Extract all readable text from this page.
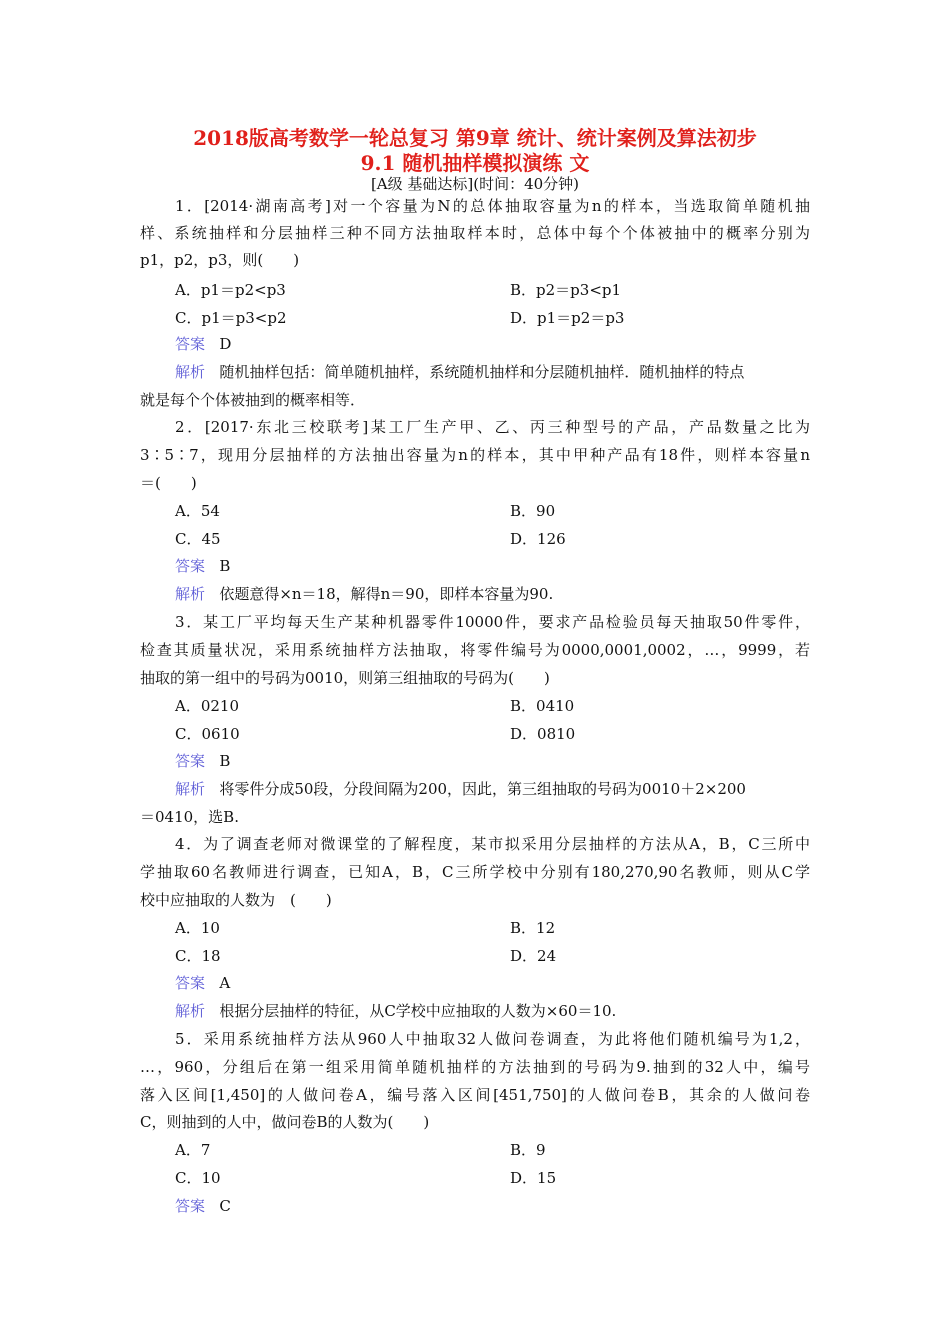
2018版高考数学一轮总复习 第9章 统计、统计案例及算法初步
9.1 随机抽样模拟演练 文
[A级 基础达标](时间：40分钟)
1．[2014·湖南高考]对一个容量为N的总体抽取容量为n的样本，当选取简单随机抽
样、系统抽样和分层抽样三种不同方法抽取样本时，总体中每个个体被抽中的概率分别为
p1，p2，p3，则(　　)
A．p1＝p2<p3	B．p2＝p3<p1
C．p1＝p3<p2	D．p1＝p2＝p3
答案 D
解析 随机抽样包括：简单随机抽样，系统随机抽样和分层随机抽样．随机抽样的特点
就是每个个体被抽到的概率相等．
2．[2017·东北三校联考]某工厂生产甲、乙、丙三种型号的产品，产品数量之比为
3∶5∶7，现用分层抽样的方法抽出容量为n的样本，其中甲种产品有18件，则样本容量n
＝(　　)
A．54	B．90
C．45	D．126
答案 B
解析 依题意得×n＝18，解得n＝90，即样本容量为90.
3．某工厂平均每天生产某种机器零件10000件，要求产品检验员每天抽取50件零件，
检查其质量状况，采用系统抽样方法抽取，将零件编号为0000,0001,0002，…，9999，若
抽取的第一组中的号码为0010，则第三组抽取的号码为(　　)
A．0210	B．0410
C．0610	D．0810
答案 B
解析 将零件分成50段，分段间隔为200，因此，第三组抽取的号码为0010＋2×200
＝0410，选B.
4．为了调查老师对微课堂的了解程度，某市拟采用分层抽样的方法从A，B，C三所中
学抽取60名教师进行调查，已知A，B，C三所学校中分别有180,270,90名教师，则从C学
校中应抽取的人数为　(　　)
A．10	B．12
C．18	D．24
答案 A
解析 根据分层抽样的特征，从C学校中应抽取的人数为×60＝10.
5．采用系统抽样方法从960人中抽取32人做问卷调查，为此将他们随机编号为1,2，
…，960，分组后在第一组采用简单随机抽样的方法抽到的号码为9.抽到的32人中，编号
落入区间[1,450]的人做问卷A，编号落入区间[451,750]的人做问卷B，其余的人做问卷
C，则抽到的人中，做问卷B的人数为(　　)
A．7	B．9
C．10	D．15
答案 C
